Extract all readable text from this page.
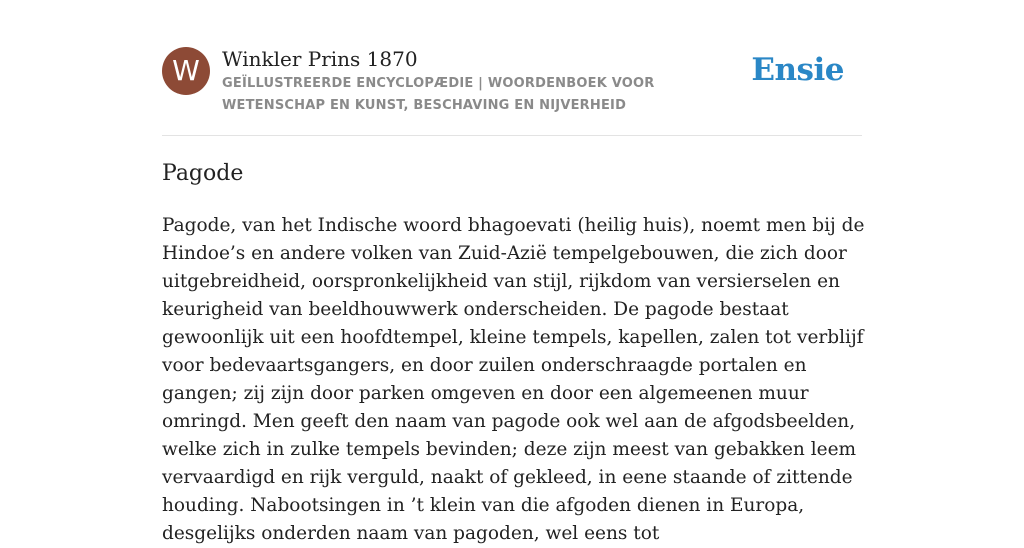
W	Winkler Prins 1870
GEÏLLUSTREERDE ENCYCLOPÆDIE | WOORDENBOEK VOOR WETENSCHAP EN KUNST, BESCHAVING EN NIJVERHEID
Ensie
Pagode

Pagode, van het Indische woord bhagoevati (heilig huis), noemt men bij de Hindoe’s en andere volken van Zuid-Azië tempelgebouwen, die zich door uitgebreidheid, oorspronkelijkheid van stijl, rijkdom van versierselen en keurigheid van beeldhouwwerk onderscheiden. De pagode bestaat gewoonlijk uit een hoofdtempel, kleine tempels, kapellen, zalen tot verblijf voor bedevaartsgangers, en door zuilen onderschraagde portalen en gangen; zij zijn door parken omgeven en door een algemeenen muur omringd. Men geeft den naam van pagode ook wel aan de afgodsbeelden, welke zich in zulke tempels bevinden; deze zijn meest van gebakken leem vervaardigd en rijk verguld, naakt of gekleed, in eene staande of zittende houding. Nabootsingen in ’t klein van die afgoden dienen in Europa, desgelijks onderden naam van pagoden, wel eens tot
